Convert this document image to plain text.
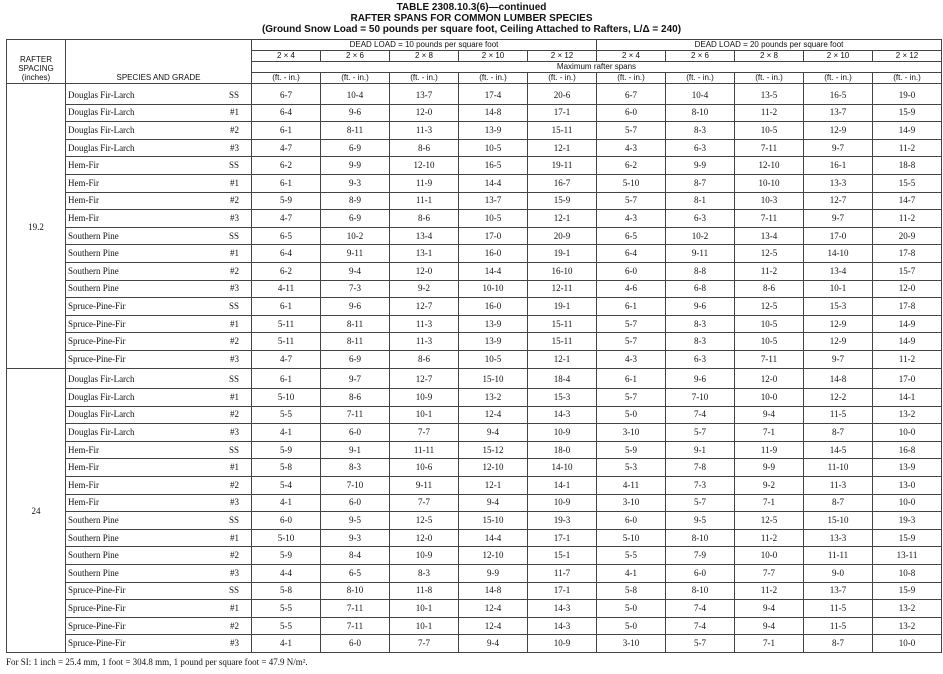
TABLE 2308.10.3(6)—continued
RAFTER SPANS FOR COMMON LUMBER SPECIES
(Ground Snow Load = 50 pounds per square foot, Ceiling Attached to Rafters, L/Δ = 240)
RAFTER
SPACING
(inches)	SPECIES AND GRADE		DEAD LOAD = 10 pounds per square foot					DEAD LOAD = 20 pounds per square foot				
			2 × 4	2 × 6	2 × 8	2 × 10	2 × 12	2 × 4	2 × 6	2 × 8	2 × 10	2 × 12
			Maximum rafter spans									
			(ft. - in.)	(ft. - in.)	(ft. - in.)	(ft. - in.)	(ft. - in.)	(ft. - in.)	(ft. - in.)	(ft. - in.)	(ft. - in.)	(ft. - in.)
19.2	Douglas Fir-Larch	SS	6-7	10-4	13-7	17-4	20-6	6-7	10-4	13-5	16-5	19-0
	Douglas Fir-Larch	#1	6-4	9-6	12-0	14-8	17-1	6-0	8-10	11-2	13-7	15-9
	Douglas Fir-Larch	#2	6-1	8-11	11-3	13-9	15-11	5-7	8-3	10-5	12-9	14-9
	Douglas Fir-Larch	#3	4-7	6-9	8-6	10-5	12-1	4-3	6-3	7-11	9-7	11-2
	Hem-Fir	SS	6-2	9-9	12-10	16-5	19-11	6-2	9-9	12-10	16-1	18-8
	Hem-Fir	#1	6-1	9-3	11-9	14-4	16-7	5-10	8-7	10-10	13-3	15-5
	Hem-Fir	#2	5-9	8-9	11-1	13-7	15-9	5-7	8-1	10-3	12-7	14-7
	Hem-Fir	#3	4-7	6-9	8-6	10-5	12-1	4-3	6-3	7-11	9-7	11-2
	Southern Pine	SS	6-5	10-2	13-4	17-0	20-9	6-5	10-2	13-4	17-0	20-9
	Southern Pine	#1	6-4	9-11	13-1	16-0	19-1	6-4	9-11	12-5	14-10	17-8
	Southern Pine	#2	6-2	9-4	12-0	14-4	16-10	6-0	8-8	11-2	13-4	15-7
	Southern Pine	#3	4-11	7-3	9-2	10-10	12-11	4-6	6-8	8-6	10-1	12-0
	Spruce-Pine-Fir	SS	6-1	9-6	12-7	16-0	19-1	6-1	9-6	12-5	15-3	17-8
	Spruce-Pine-Fir	#1	5-11	8-11	11-3	13-9	15-11	5-7	8-3	10-5	12-9	14-9
	Spruce-Pine-Fir	#2	5-11	8-11	11-3	13-9	15-11	5-7	8-3	10-5	12-9	14-9
	Spruce-Pine-Fir	#3	4-7	6-9	8-6	10-5	12-1	4-3	6-3	7-11	9-7	11-2
24	Douglas Fir-Larch	SS	6-1	9-7	12-7	15-10	18-4	6-1	9-6	12-0	14-8	17-0
	Douglas Fir-Larch	#1	5-10	8-6	10-9	13-2	15-3	5-7	7-10	10-0	12-2	14-1
	Douglas Fir-Larch	#2	5-5	7-11	10-1	12-4	14-3	5-0	7-4	9-4	11-5	13-2
	Douglas Fir-Larch	#3	4-1	6-0	7-7	9-4	10-9	3-10	5-7	7-1	8-7	10-0
	Hem-Fir	SS	5-9	9-1	11-11	15-12	18-0	5-9	9-1	11-9	14-5	16-8
	Hem-Fir	#1	5-8	8-3	10-6	12-10	14-10	5-3	7-8	9-9	11-10	13-9
	Hem-Fir	#2	5-4	7-10	9-11	12-1	14-1	4-11	7-3	9-2	11-3	13-0
	Hem-Fir	#3	4-1	6-0	7-7	9-4	10-9	3-10	5-7	7-1	8-7	10-0
	Southern Pine	SS	6-0	9-5	12-5	15-10	19-3	6-0	9-5	12-5	15-10	19-3
	Southern Pine	#1	5-10	9-3	12-0	14-4	17-1	5-10	8-10	11-2	13-3	15-9
	Southern Pine	#2	5-9	8-4	10-9	12-10	15-1	5-5	7-9	10-0	11-11	13-11
	Southern Pine	#3	4-4	6-5	8-3	9-9	11-7	4-1	6-0	7-7	9-0	10-8
	Spruce-Pine-Fir	SS	5-8	8-10	11-8	14-8	17-1	5-8	8-10	11-2	13-7	15-9
	Spruce-Pine-Fir	#1	5-5	7-11	10-1	12-4	14-3	5-0	7-4	9-4	11-5	13-2
	Spruce-Pine-Fir	#2	5-5	7-11	10-1	12-4	14-3	5-0	7-4	9-4	11-5	13-2
	Spruce-Pine-Fir	#3	4-1	6-0	7-7	9-4	10-9	3-10	5-7	7-1	8-7	10-0
For SI: 1 inch = 25.4 mm, 1 foot = 304.8 mm, 1 pound per square foot = 47.9 N/m².
